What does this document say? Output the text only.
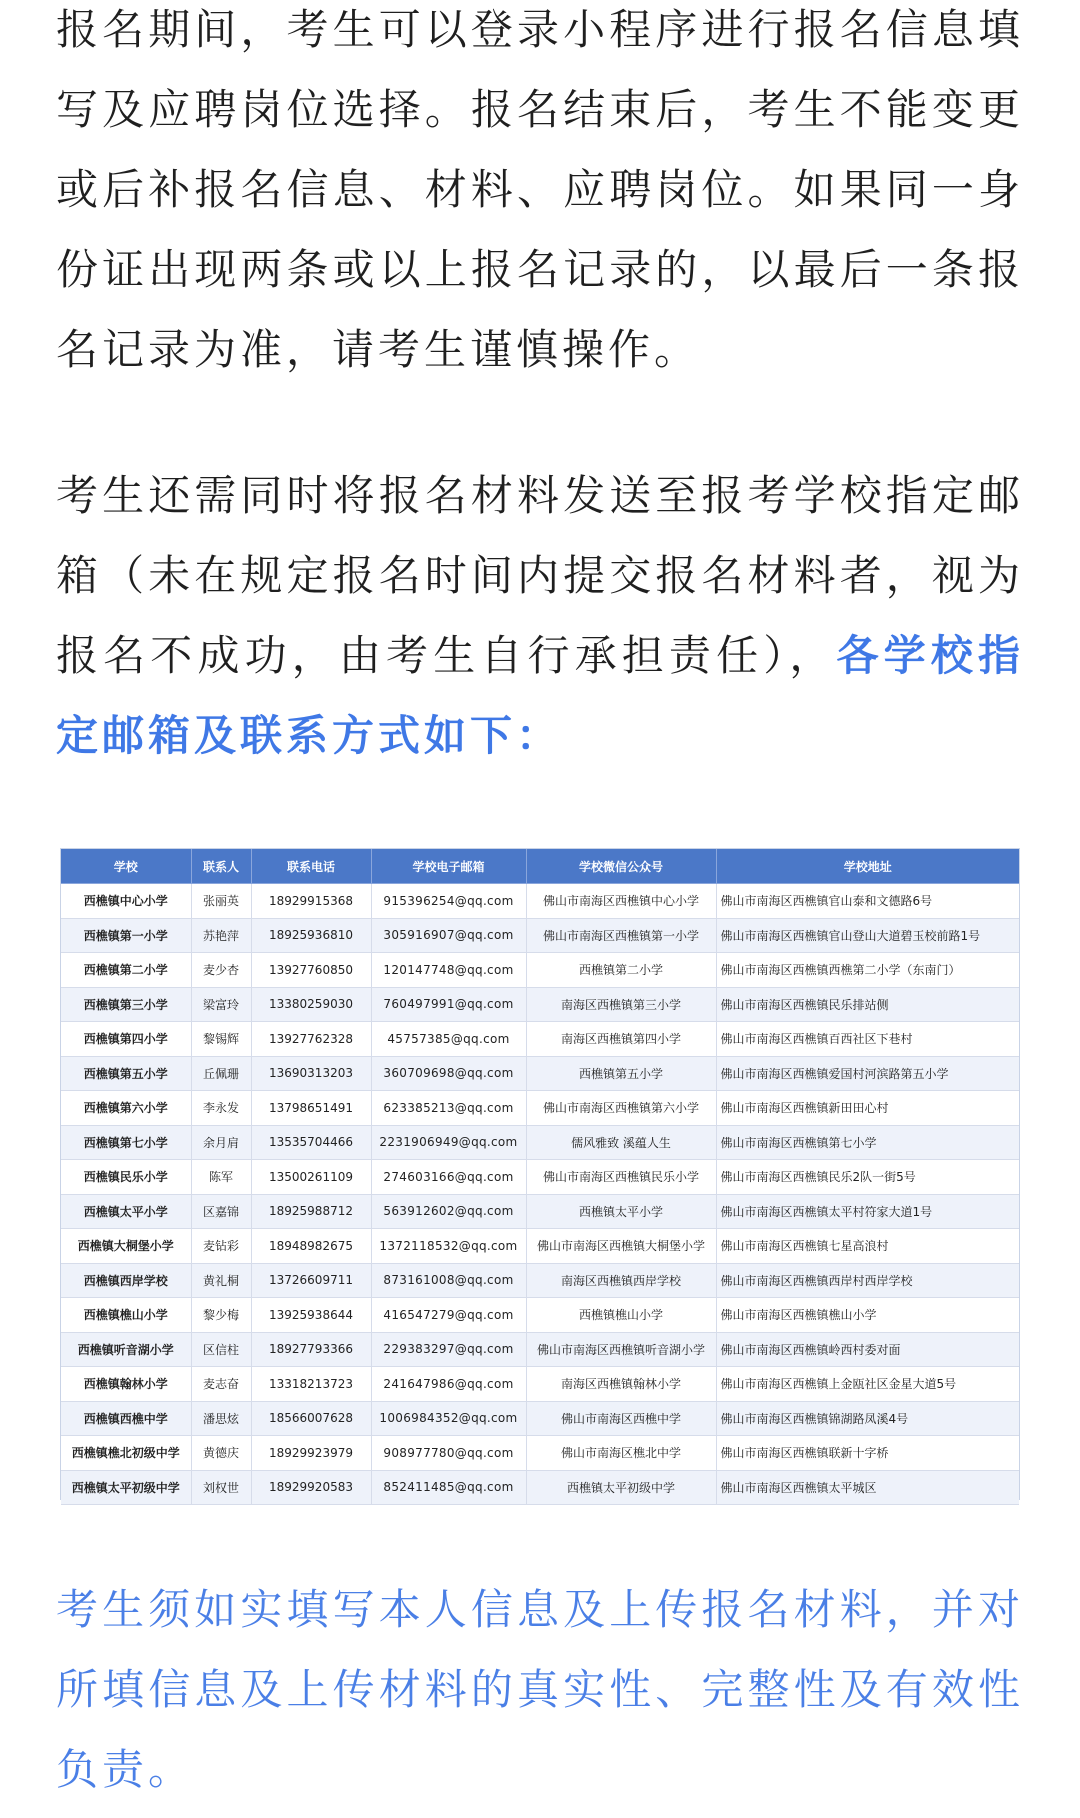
报名期间，考生可以登录小程序进行报名信息填写及应聘岗位选择。报名结束后，考生不能变更或后补报名信息、材料、应聘岗位。如果同一身份证出现两条或以上报名记录的，以最后一条报名记录为准，请考生谨慎操作。

考生还需同时将报名材料发送至报考学校指定邮箱（未在规定报名时间内提交报名材料者，视为报名不成功，由考生自行承担责任），各学校指定邮箱及联系方式如下：

学校	联系人	联系电话	学校电子邮箱	学校微信公众号	学校地址
西樵镇中心小学	张丽英	18929915368	915396254@qq.com	佛山市南海区西樵镇中心小学	佛山市南海区西樵镇官山泰和文德路6号
西樵镇第一小学	苏艳萍	18925936810	305916907@qq.com	佛山市南海区西樵镇第一小学	佛山市南海区西樵镇官山登山大道碧玉校前路1号
西樵镇第二小学	麦少杏	13927760850	120147748@qq.com	西樵镇第二小学	佛山市南海区西樵镇西樵第二小学（东南门）
西樵镇第三小学	梁富玲	13380259030	760497991@qq.com	南海区西樵镇第三小学	佛山市南海区西樵镇民乐排站侧
西樵镇第四小学	黎锡辉	13927762328	45757385@qq.com	南海区西樵镇第四小学	佛山市南海区西樵镇百西社区下巷村
西樵镇第五小学	丘佩珊	13690313203	360709698@qq.com	西樵镇第五小学	佛山市南海区西樵镇爱国村河滨路第五小学
西樵镇第六小学	李永发	13798651491	623385213@qq.com	佛山市南海区西樵镇第六小学	佛山市南海区西樵镇新田田心村
西樵镇第七小学	余月肩	13535704466	2231906949@qq.com	儒风雅致 溪蕴人生	佛山市南海区西樵镇第七小学
西樵镇民乐小学	陈军	13500261109	274603166@qq.com	佛山市南海区西樵镇民乐小学	佛山市南海区西樵镇民乐2队一街5号
西樵镇太平小学	区嘉锦	18925988712	563912602@qq.com	西樵镇太平小学	佛山市南海区西樵镇太平村符家大道1号
西樵镇大桐堡小学	麦钻彩	18948982675	1372118532@qq.com	佛山市南海区西樵镇大桐堡小学	佛山市南海区西樵镇七星高浪村
西樵镇西岸学校	黄礼桐	13726609711	873161008@qq.com	南海区西樵镇西岸学校	佛山市南海区西樵镇西岸村西岸学校
西樵镇樵山小学	黎少梅	13925938644	416547279@qq.com	西樵镇樵山小学	佛山市南海区西樵镇樵山小学
西樵镇听音湖小学	区信柱	18927793366	229383297@qq.com	佛山市南海区西樵镇听音湖小学	佛山市南海区西樵镇岭西村委对面
西樵镇翰林小学	麦志奋	13318213723	241647986@qq.com	南海区西樵镇翰林小学	佛山市南海区西樵镇上金瓯社区金星大道5号
西樵镇西樵中学	潘思炫	18566007628	1006984352@qq.com	佛山市南海区西樵中学	佛山市南海区西樵镇锦湖路凤溪4号
西樵镇樵北初级中学	黄德庆	18929923979	908977780@qq.com	佛山市南海区樵北中学	佛山市南海区西樵镇联新十字桥
西樵镇太平初级中学	刘权世	18929920583	852411485@qq.com	西樵镇太平初级中学	佛山市南海区西樵镇太平城区

考生须如实填写本人信息及上传报名材料，并对所填信息及上传材料的真实性、完整性及有效性负责。
